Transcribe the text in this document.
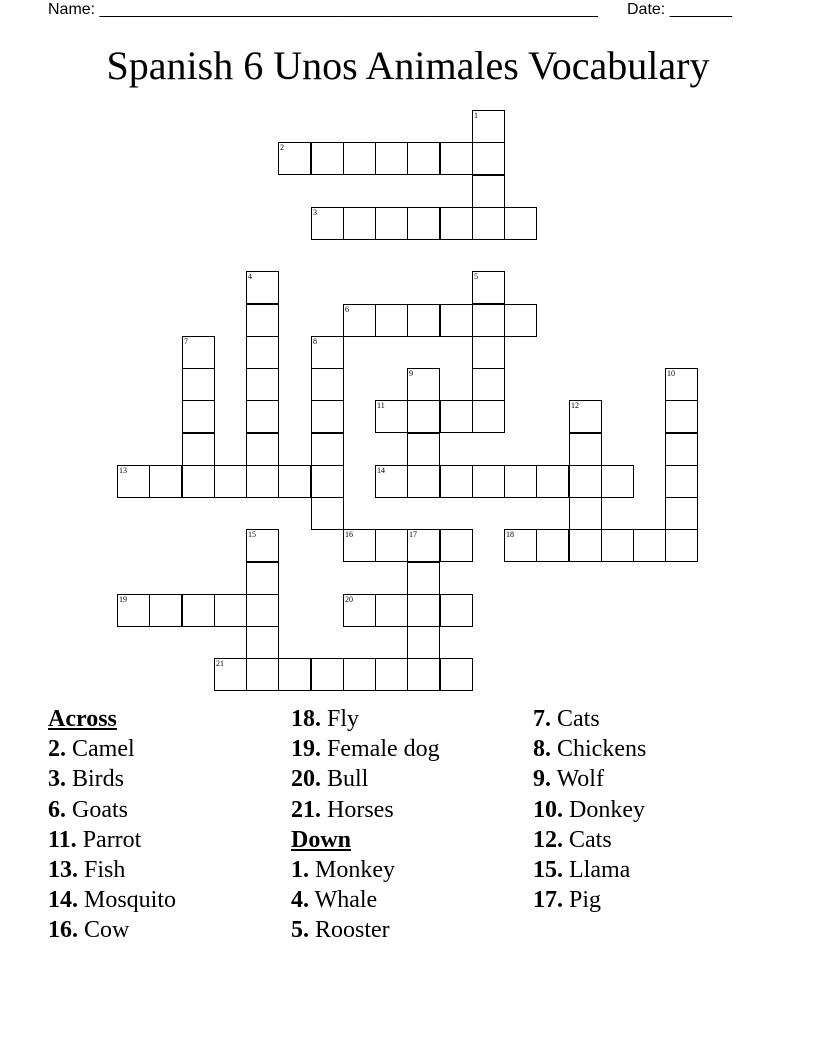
Name: ________________________________________________________ Date: _______
Spanish 6 Unos Animales Vocabulary
1
2
3
4	5
6
7	8
9	10
11	12
13	14
15	16	17	18
19	20
21
Across
2. Camel
3. Birds
6. Goats
11. Parrot
13. Fish
14. Mosquito
16. Cow
18. Fly
19. Female dog
20. Bull
21. Horses
Down
1. Monkey
4. Whale
5. Rooster
7. Cats
8. Chickens
9. Wolf
10. Donkey
12. Cats
15. Llama
17. Pig
